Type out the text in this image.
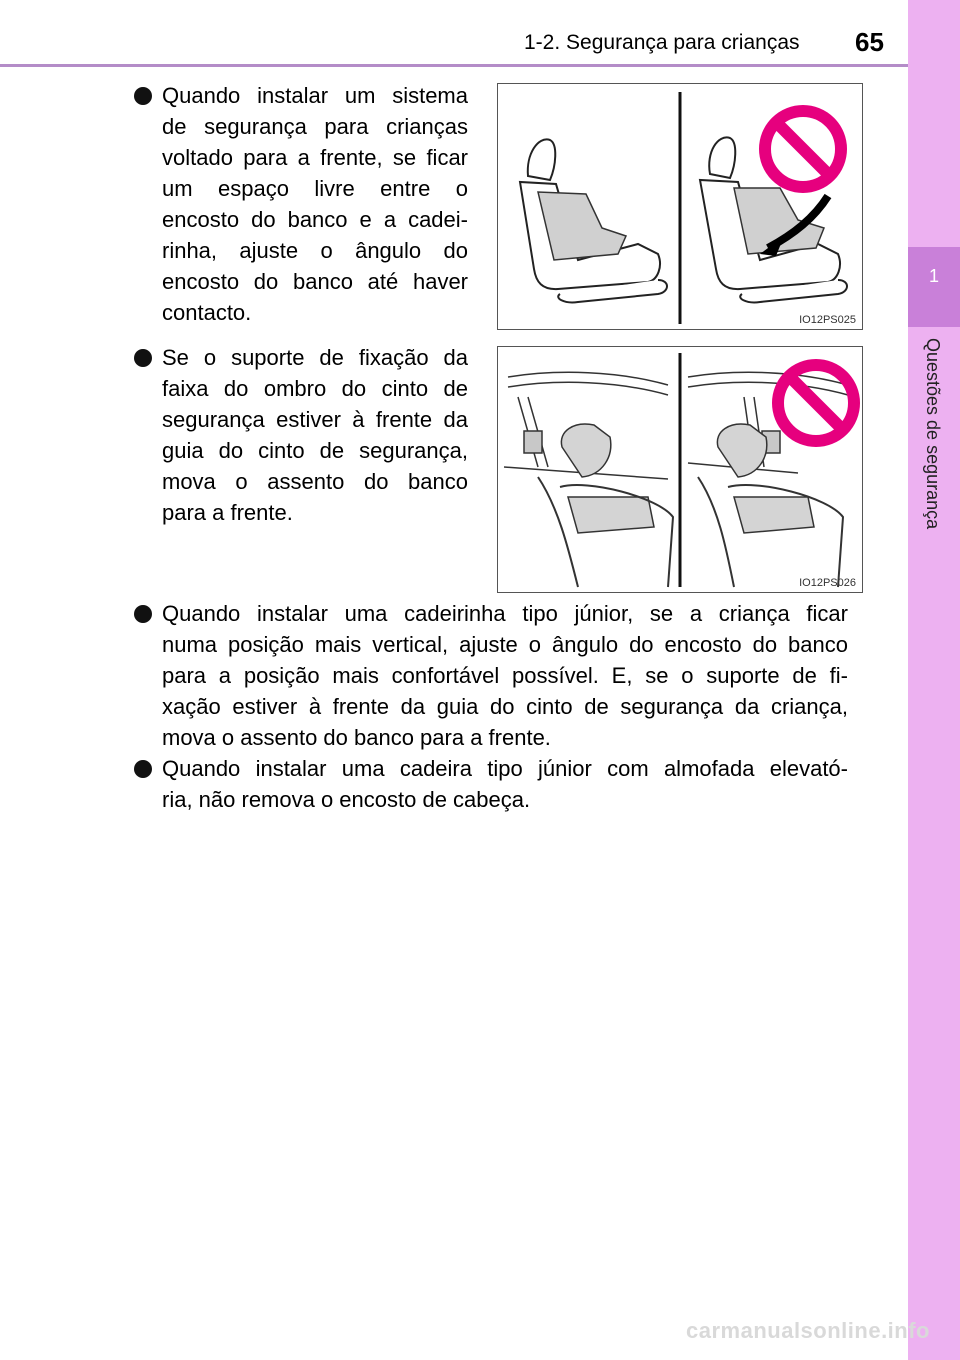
1-2. Segurança para crianças 65
1
Questões de segurança
Quando instalar um sistema
de segurança para crianças
voltado para a frente, se ficar
um espaço livre entre o
encosto do banco e a cadei-
rinha, ajuste o ângulo do
encosto do banco até haver
contacto.	IO12PS025
Se o suporte de fixação da
faixa do ombro do cinto de
segurança estiver à frente da
guia do cinto de segurança,
mova o assento do banco
para a frente.
IO12PS026
Quando instalar uma cadeirinha tipo júnior, se a criança ficar
numa posição mais vertical, ajuste o ângulo do encosto do banco
para a posição mais confortável possível. E, se o suporte de fi-
xação estiver à frente da guia do cinto de segurança da criança,
mova o assento do banco para a frente.
Quando instalar uma cadeira tipo júnior com almofada elevató-
ria, não remova o encosto de cabeça.
carmanualsonline.info
